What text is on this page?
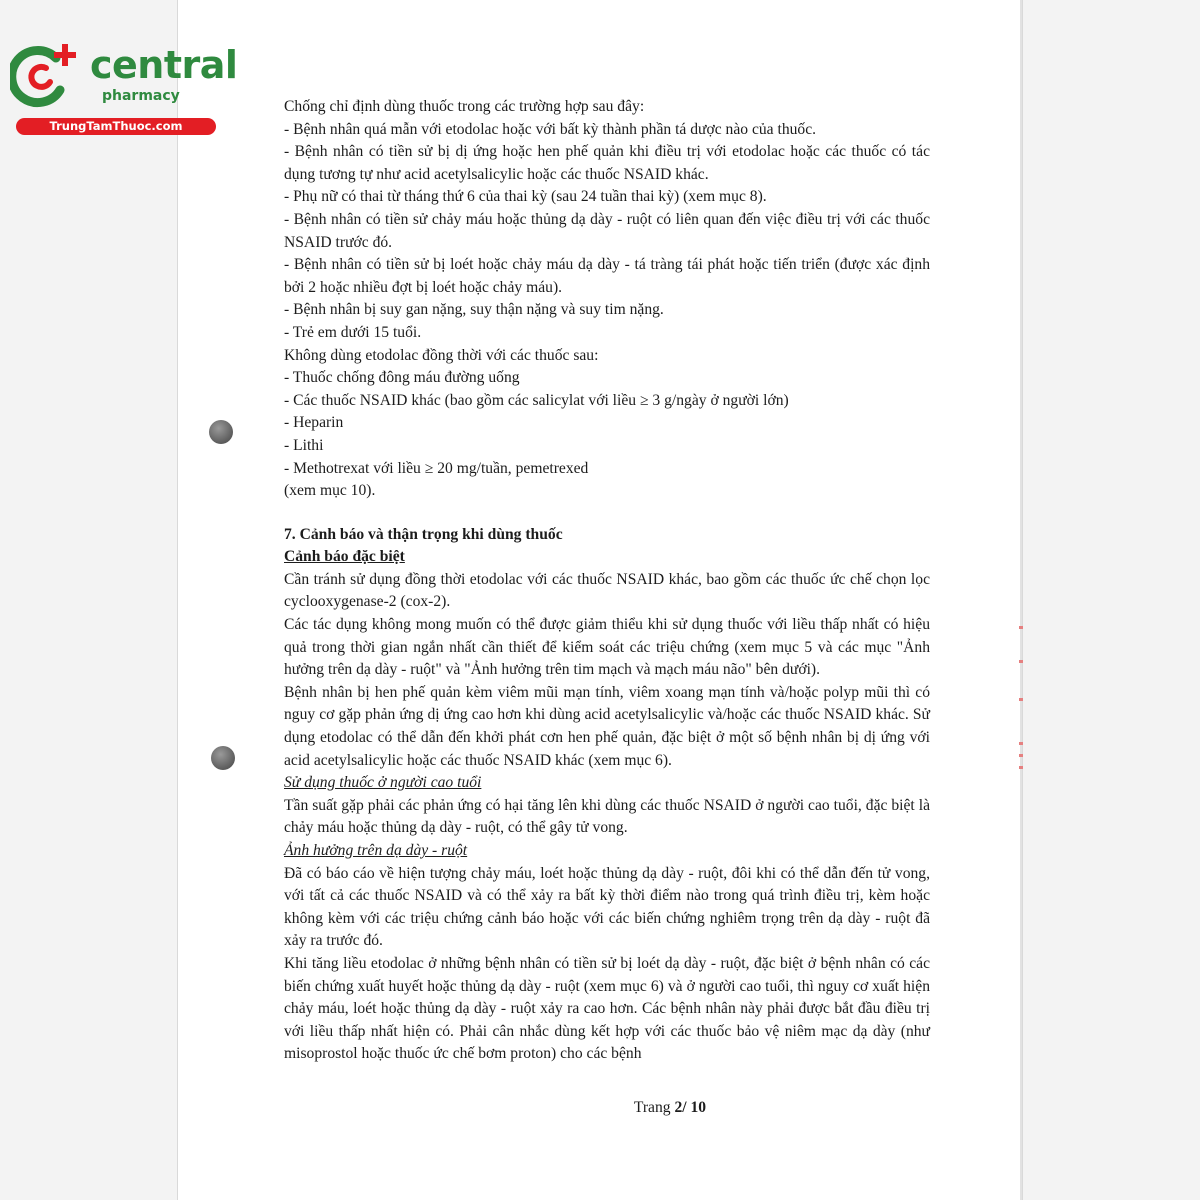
central
pharmacy
TrungTamThuoc.com

Chống chỉ định dùng thuốc trong các trường hợp sau đây:

- Bệnh nhân quá mẫn với etodolac hoặc với bất kỳ thành phần tá dược nào của thuốc.

- Bệnh nhân có tiền sử bị dị ứng hoặc hen phế quản khi điều trị với etodolac hoặc các thuốc có tác dụng tương tự như acid acetylsalicylic hoặc các thuốc NSAID khác.

- Phụ nữ có thai từ tháng thứ 6 của thai kỳ (sau 24 tuần thai kỳ) (xem mục 8).

- Bệnh nhân có tiền sử chảy máu hoặc thủng dạ dày - ruột có liên quan đến việc điều trị với các thuốc NSAID trước đó.

- Bệnh nhân có tiền sử bị loét hoặc chảy máu dạ dày - tá tràng tái phát hoặc tiến triển (được xác định bởi 2 hoặc nhiều đợt bị loét hoặc chảy máu).

- Bệnh nhân bị suy gan nặng, suy thận nặng và suy tim nặng.

- Trẻ em dưới 15 tuổi.

Không dùng etodolac đồng thời với các thuốc sau:

- Thuốc chống đông máu đường uống

- Các thuốc NSAID khác (bao gồm các salicylat với liều ≥ 3 g/ngày ở người lớn)

- Heparin

- Lithi

- Methotrexat với liều ≥ 20 mg/tuần, pemetrexed

(xem mục 10).

7. Cảnh báo và thận trọng khi dùng thuốc

Cảnh báo đặc biệt

Cần tránh sử dụng đồng thời etodolac với các thuốc NSAID khác, bao gồm các thuốc ức chế chọn lọc cyclooxygenase-2 (cox-2).

Các tác dụng không mong muốn có thể được giảm thiểu khi sử dụng thuốc với liều thấp nhất có hiệu quả trong thời gian ngắn nhất cần thiết để kiểm soát các triệu chứng (xem mục 5 và các mục "Ảnh hưởng trên dạ dày - ruột" và "Ảnh hưởng trên tim mạch và mạch máu não" bên dưới).

Bệnh nhân bị hen phế quản kèm viêm mũi mạn tính, viêm xoang mạn tính và/hoặc polyp mũi thì có nguy cơ gặp phản ứng dị ứng cao hơn khi dùng acid acetylsalicylic và/hoặc các thuốc NSAID khác. Sử dụng etodolac có thể dẫn đến khởi phát cơn hen phế quản, đặc biệt ở một số bệnh nhân bị dị ứng với acid acetylsalicylic hoặc các thuốc NSAID khác (xem mục 6).

Sử dụng thuốc ở người cao tuổi

Tần suất gặp phải các phản ứng có hại tăng lên khi dùng các thuốc NSAID ở người cao tuổi, đặc biệt là chảy máu hoặc thủng dạ dày - ruột, có thể gây tử vong.

Ảnh hưởng trên dạ dày - ruột

Đã có báo cáo về hiện tượng chảy máu, loét hoặc thủng dạ dày - ruột, đôi khi có thể dẫn đến tử vong, với tất cả các thuốc NSAID và có thể xảy ra bất kỳ thời điểm nào trong quá trình điều trị, kèm hoặc không kèm với các triệu chứng cảnh báo hoặc với các biến chứng nghiêm trọng trên dạ dày - ruột đã xảy ra trước đó.

Khi tăng liều etodolac ở những bệnh nhân có tiền sử bị loét dạ dày - ruột, đặc biệt ở bệnh nhân có các biến chứng xuất huyết hoặc thủng dạ dày - ruột (xem mục 6) và ở người cao tuổi, thì nguy cơ xuất hiện chảy máu, loét hoặc thủng dạ dày - ruột xảy ra cao hơn. Các bệnh nhân này phải được bắt đầu điều trị với liều thấp nhất hiện có. Phải cân nhắc dùng kết hợp với các thuốc bảo vệ niêm mạc dạ dày (như misoprostol hoặc thuốc ức chế bơm proton) cho các bệnh

Trang 2/ 10
